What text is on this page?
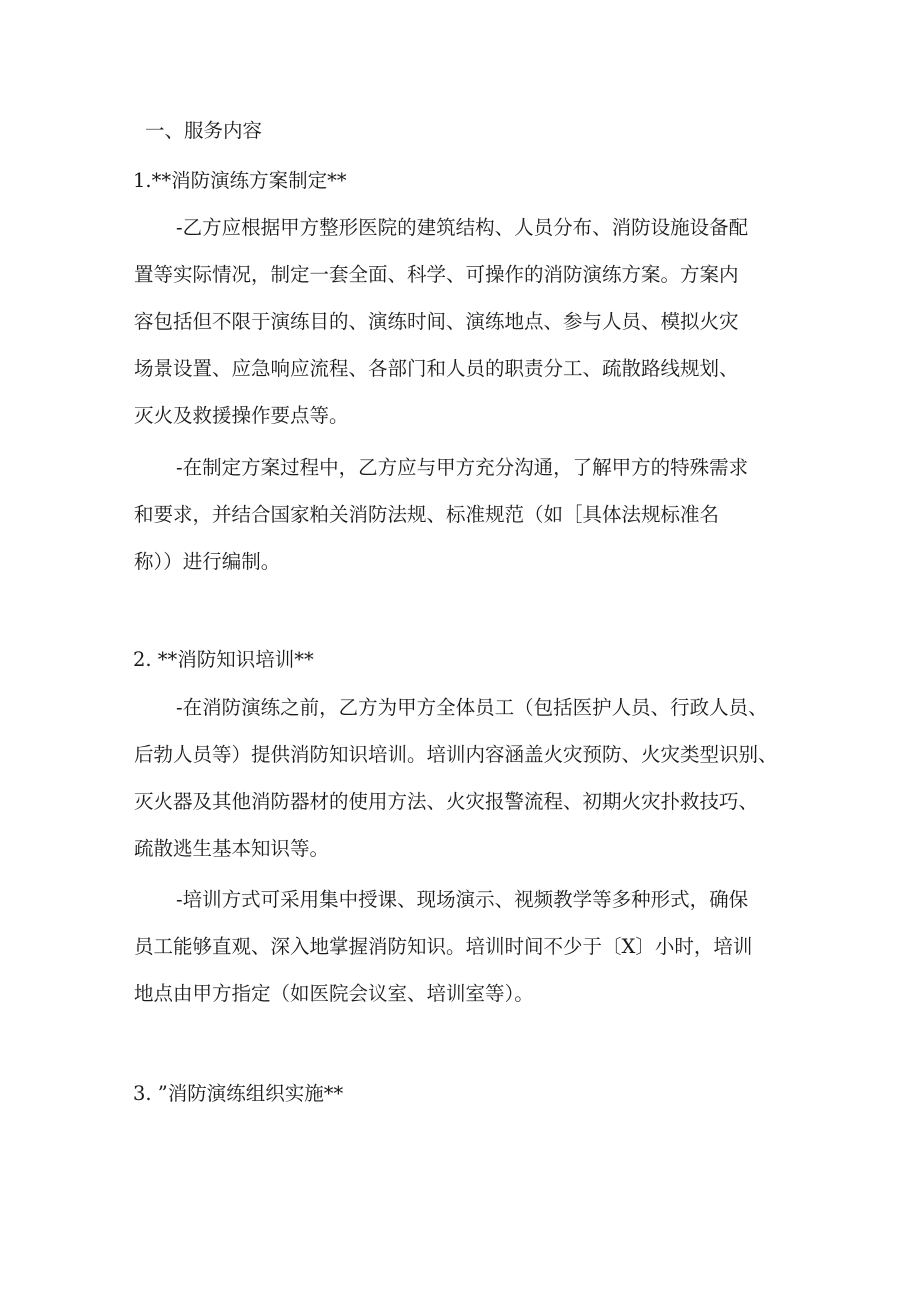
一、服务内容
1.**消防演练方案制定**
-乙方应根据甲方整形医院的建筑结构、人员分布、消防设施设备配
置等实际情况，制定一套全面、科学、可操作的消防演练方案。方案内
容包括但不限于演练目的、演练时间、演练地点、参与人员、模拟火灾
场景设置、应急响应流程、各部门和人员的职责分工、疏散路线规划、
灭火及救援操作要点等。
-在制定方案过程中，乙方应与甲方充分沟通，了解甲方的特殊需求
和要求，并结合国家粕关消防法规、标准规范（如［具体法规标准名
称））进行编制。
2. **消防知识培训**
-在消防演练之前，乙方为甲方全体员工（包括医护人员、行政人员、
后勃人员等）提供消防知识培训。培训内容涵盖火灾预防、火灾类型识别、
灭火器及其他消防器材的使用方法、火灾报警流程、初期火灾扑救技巧、
疏散逃生基本知识等。
-培训方式可采用集中授课、现场演示、视频教学等多种形式，确保
员工能够直观、深入地掌握消防知识。培训时间不少于〔X〕小时，培训
地点由甲方指定（如医院会议室、培训室等）。
3. ”消防演练组织实施**
